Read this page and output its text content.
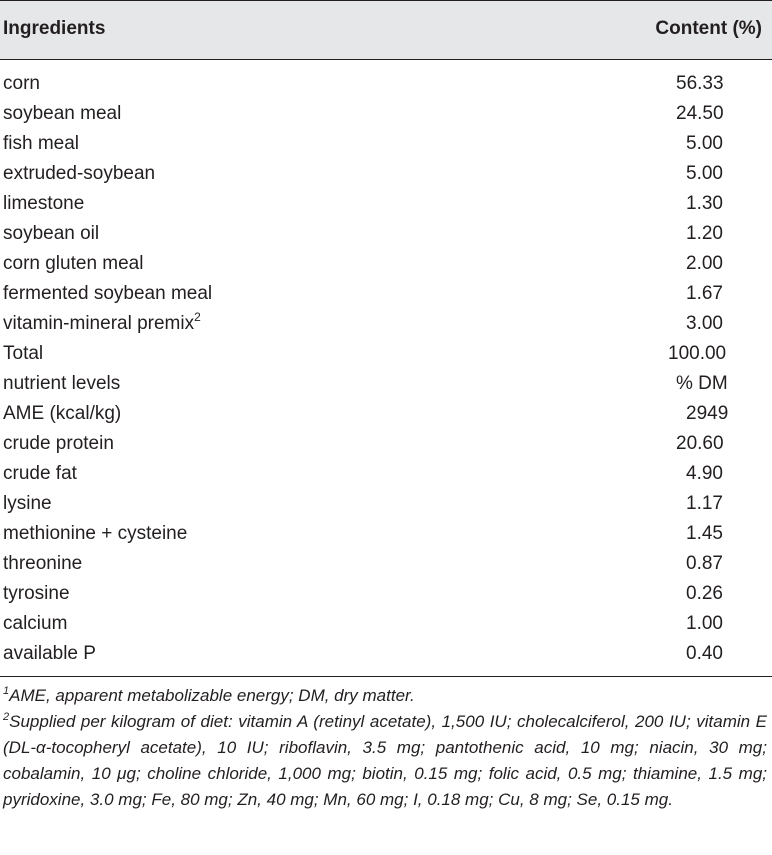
Ingredients	Content (%)
corn	56.33
soybean meal	24.50
fish meal	5.00
extruded-soybean	5.00
limestone	1.30
soybean oil	1.20
corn gluten meal	2.00
fermented soybean meal	1.67
vitamin-mineral premix$^2$	3.00
Total	100.00
nutrient levels	% DM
AME (kcal/kg)	2949
crude protein	20.60
crude fat	4.90
lysine	1.17
methionine + cysteine	1.45
threonine	0.87
tyrosine	0.26
calcium	1.00
available P	0.40

$^1$AME, apparent metabolizable energy; DM, dry matter.

$^2$Supplied per kilogram of diet: vitamin A (retinyl acetate), 1,500 IU; cholecalciferol, 200 IU; vitamin E (DL-α-tocopheryl acetate), 10 IU; riboflavin, 3.5 mg; pantothenic acid, 10 mg; niacin, 30 mg; cobalamin, 10 μg; choline chloride, 1,000 mg; biotin, 0.15 mg; folic acid, 0.5 mg; thiamine, 1.5 mg; pyridoxine, 3.0 mg; Fe, 80 mg; Zn, 40 mg; Mn, 60 mg; I, 0.18 mg; Cu, 8 mg; Se, 0.15 mg.
